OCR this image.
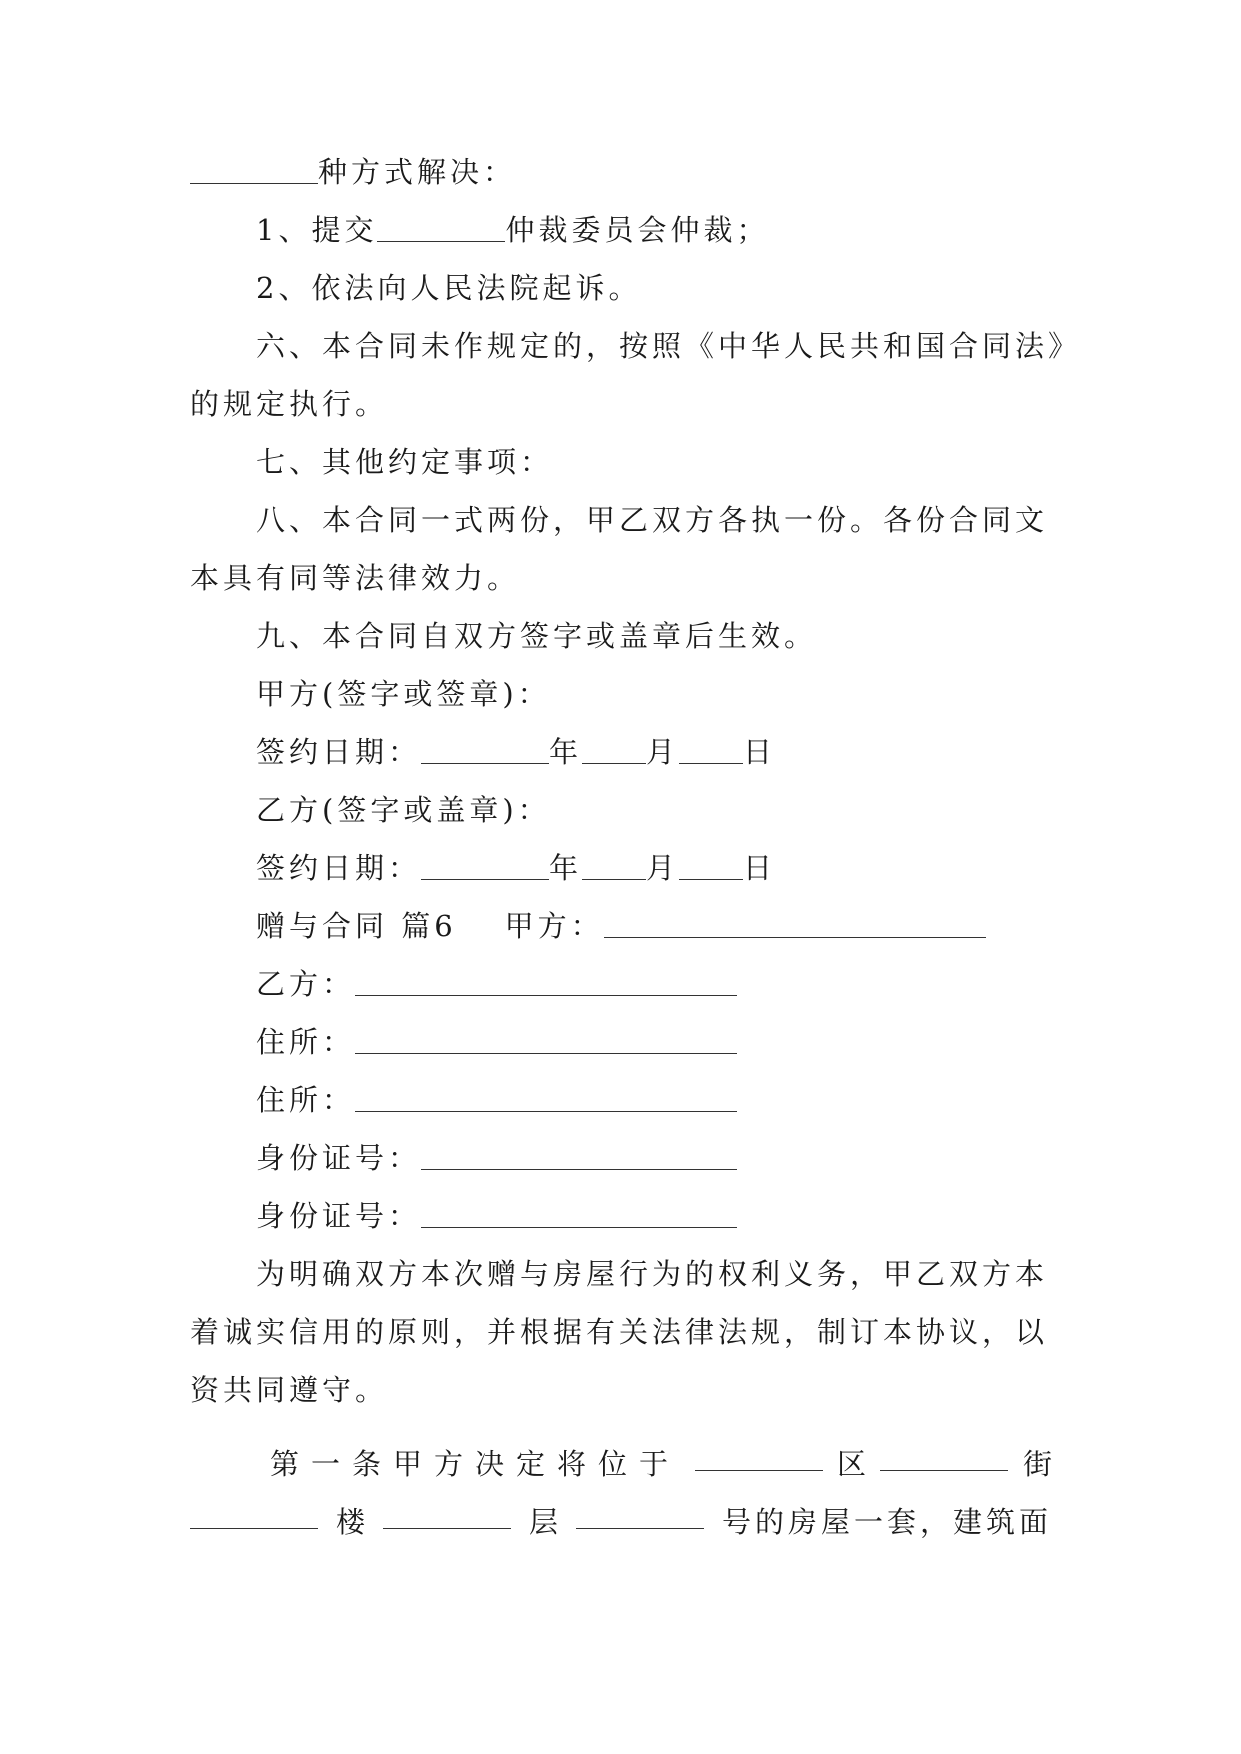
种方式解决：
1、提交	仲裁委员会仲裁；
2、依法向人民法院起诉。
六、本合同未作规定的，按照《中华人民共和国合同法》
的规定执行。
七、其他约定事项：
八、本合同一式两份，甲乙双方各执一份。各份合同文
本具有同等法律效力。
九、本合同自双方签字或盖章后生效。
甲方(签字或签章)：
签约日期：	年 月 日
乙方(签字或盖章)：
签约日期：	年 月 日
赠与合同 篇6 甲方：
乙方：
住所：
住所：
身份证号：
身份证号：
为明确双方本次赠与房屋行为的权利义务，甲乙双方本
着诚实信用的原则，并根据有关法律法规，制订本协议，以
资共同遵守。
第一条甲方决定将位于	区	街
楼	层	号的房屋一套，建筑面
